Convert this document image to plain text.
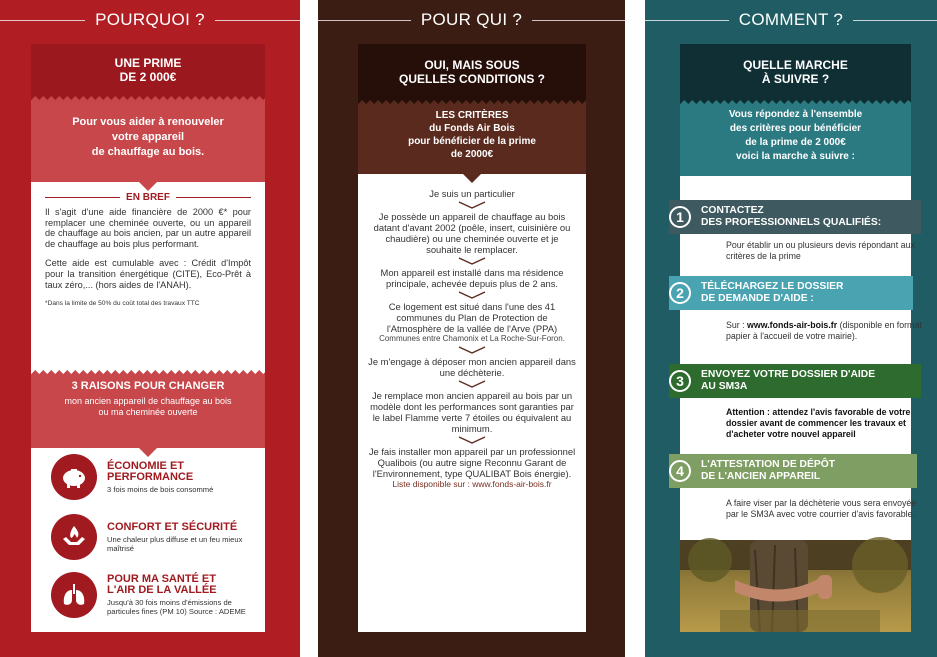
POURQUOI ?
UNE PRIME
DE 2 000€
Pour vous aider à renouveler
votre appareil
de chauffage au bois.
EN BREF

Il s'agit d'une aide financière de 2000 €* pour remplacer une cheminée ouverte, ou un appareil de chauffage au bois ancien, par un autre appareil de chauffage au bois plus performant.

Cette aide est cumulable avec : Crédit d'Impôt pour la transition énergétique (CITE), Eco-Prêt à taux zéro,... (hors aides de l'ANAH).

*Dans la limite de 50% du coût total des travaux TTC

3 RAISONS POUR CHANGER
mon ancien appareil de chauffage au bois ou ma cheminée ouverte
ÉCONOMIE ET
PERFORMANCE
3 fois moins de bois consommé
CONFORT ET SÉCURITÉ
Une chaleur plus diffuse et un feu mieux maîtrisé
POUR MA SANTÉ ET
L'AIR DE LA VALLÉE
Jusqu'à 30 fois moins d'émissions de particules fines (PM 10) Source : ADEME
POUR QUI ?
OUI, MAIS SOUS
QUELLES CONDITIONS ?
LES CRITÈRES
du Fonds Air Bois
pour bénéficier de la prime
de 2000€
Je suis un particulier
Je possède un appareil de chauffage au bois datant d'avant 2002 (poêle, insert, cuisinière ou chaudière) ou une cheminée ouverte et je souhaite le remplacer.
Mon appareil est installé dans ma résidence principale, achevée depuis plus de 2 ans.
Ce logement est situé dans l'une des 41 communes du Plan de Protection de l'Atmosphère de la vallée de l'Arve (PPA)
Communes entre Chamonix et La Roche-Sur-Foron.
Je m'engage à déposer mon ancien appareil dans une déchèterie.
Je remplace mon ancien appareil au bois par un modèle dont les performances sont garanties par le label Flamme verte 7 étoiles ou équivalent au minimum.
Je fais installer mon appareil par un professionnel Qualibois (ou autre signe Reconnu Garant de l'Environnement, type QUALIBAT Bois énergie).
Liste disponible sur : www.fonds-air-bois.fr
COMMENT ?
QUELLE MARCHE
À SUIVRE ?
Vous répondez à l'ensemble
des critères pour bénéficier
de la prime de 2 000€
voici la marche à suivre :
Pour établir un ou plusieurs devis répondant aux critères de la prime
Sur : www.fonds-air-bois.fr (disponible en format papier à l'accueil de votre mairie).
Attention : attendez l'avis favorable de votre dossier avant de commencer les travaux et d'acheter votre nouvel appareil
A faire viser par la déchèterie vous sera envoyée par le SM3A avec votre courrier d'avis favorable.
1	CONTACTEZ
DES PROFESSIONNELS QUALIFIÉS:
2	TÉLÉCHARGEZ LE DOSSIER
DE DEMANDE D'AIDE :
3	ENVOYEZ VOTRE DOSSIER D'AIDE
AU SM3A
4	L'ATTESTATION DE DÉPÔT
DE L'ANCIEN APPAREIL
